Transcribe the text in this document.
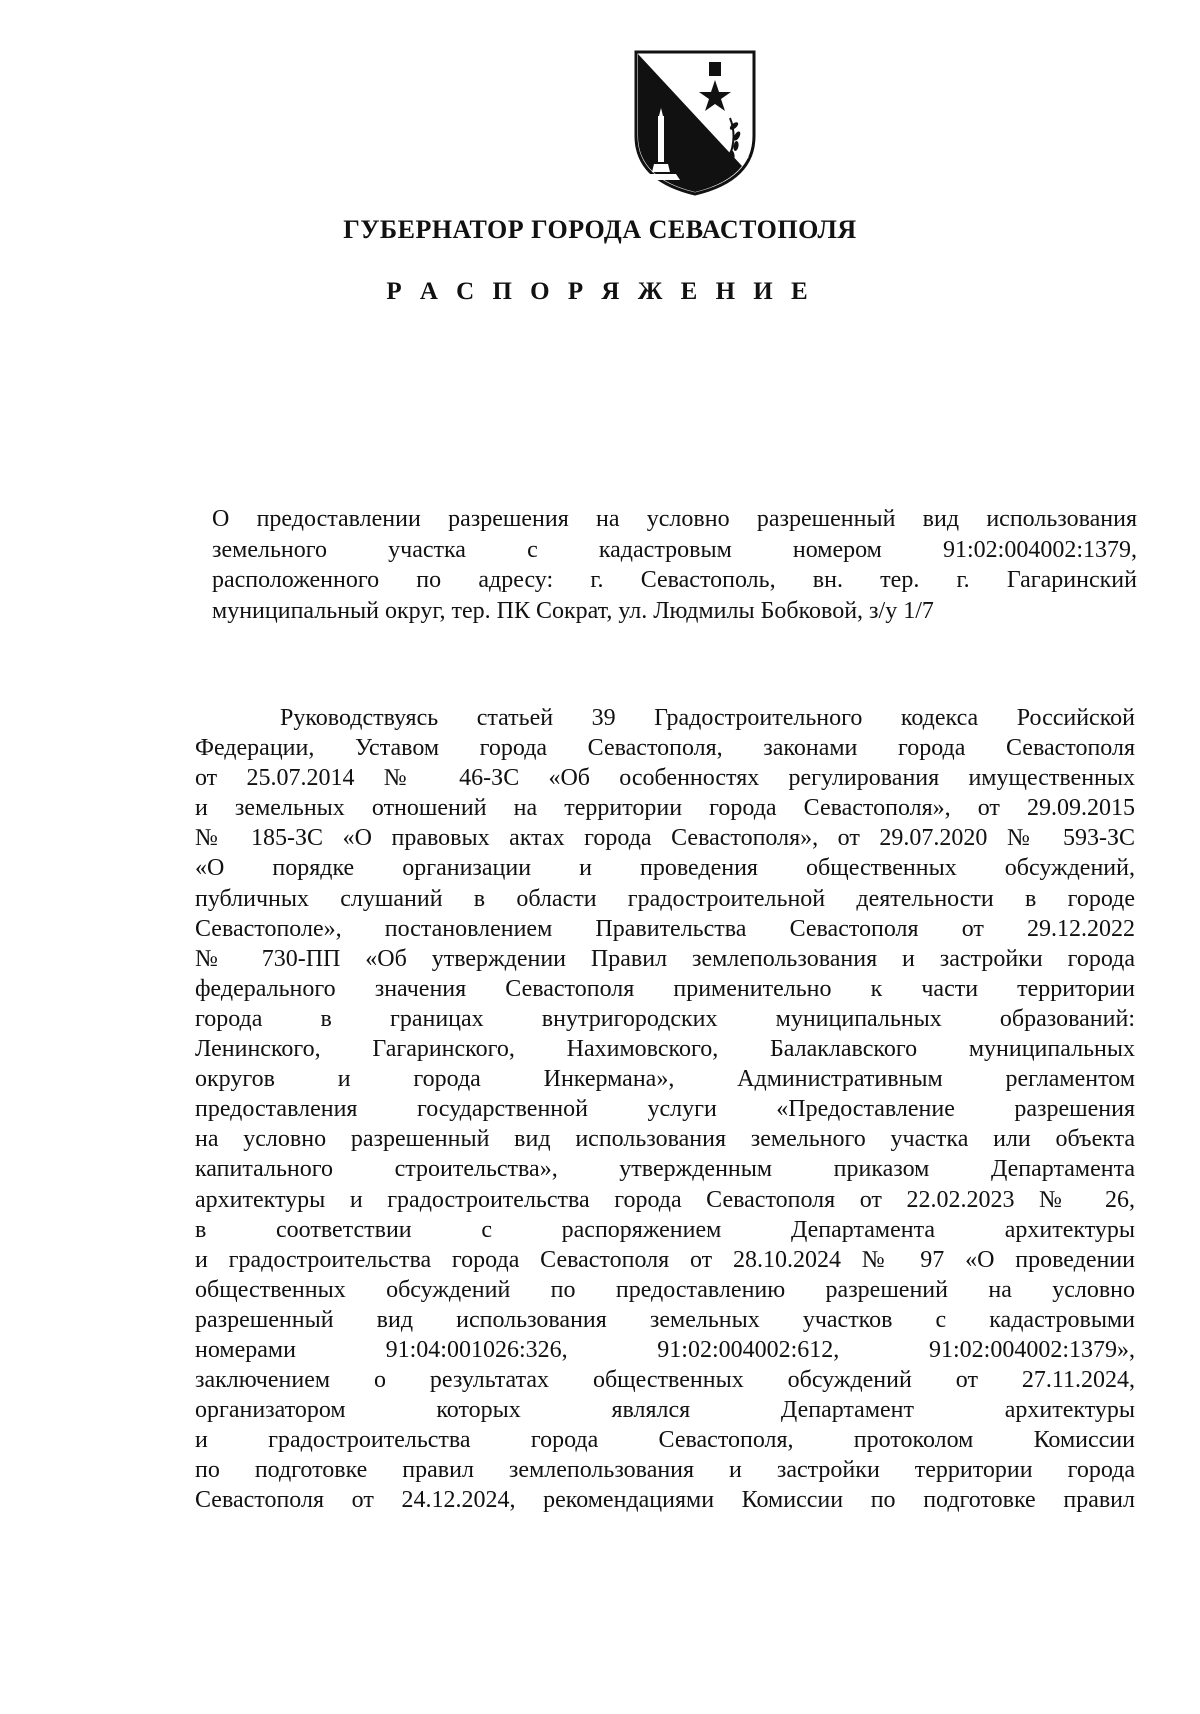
ГУБЕРНАТОР ГОРОДА СЕВАСТОПОЛЯ
Р А С П О Р Я Ж Е Н И Е
О предоставлении разрешения на условно разрешенный вид использования
земельного участка с кадастровым номером 91:02:004002:1379,
расположенного по адресу: г. Севастополь, вн. тер. г. Гагаринский
муниципальный округ, тер. ПК Сократ, ул. Людмилы Бобковой, з/у 1/7
Руководствуясь статьей 39 Градостроительного кодекса Российской
Федерации, Уставом города Севастополя, законами города Севастополя
от 25.07.2014 № 46-ЗС «Об особенностях регулирования имущественных
и земельных отношений на территории города Севастополя», от 29.09.2015
№ 185-ЗС «О правовых актах города Севастополя», от 29.07.2020 № 593-ЗС
«О порядке организации и проведения общественных обсуждений,
публичных слушаний в области градостроительной деятельности в городе
Севастополе», постановлением Правительства Севастополя от 29.12.2022
№ 730-ПП «Об утверждении Правил землепользования и застройки города
федерального значения Севастополя применительно к части территории
города в границах внутригородских муниципальных образований:
Ленинского, Гагаринского, Нахимовского, Балаклавского муниципальных
округов и города Инкермана», Административным регламентом
предоставления государственной услуги «Предоставление разрешения
на условно разрешенный вид использования земельного участка или объекта
капитального строительства», утвержденным приказом Департамента
архитектуры и градостроительства города Севастополя от 22.02.2023 № 26,
в соответствии с распоряжением Департамента архитектуры
и градостроительства города Севастополя от 28.10.2024 № 97 «О проведении
общественных обсуждений по предоставлению разрешений на условно
разрешенный вид использования земельных участков с кадастровыми
номерами 91:04:001026:326, 91:02:004002:612, 91:02:004002:1379»,
заключением о результатах общественных обсуждений от 27.11.2024,
организатором которых являлся Департамент архитектуры
и градостроительства города Севастополя, протоколом Комиссии
по подготовке правил землепользования и застройки территории города
Севастополя от 24.12.2024, рекомендациями Комиссии по подготовке правил
